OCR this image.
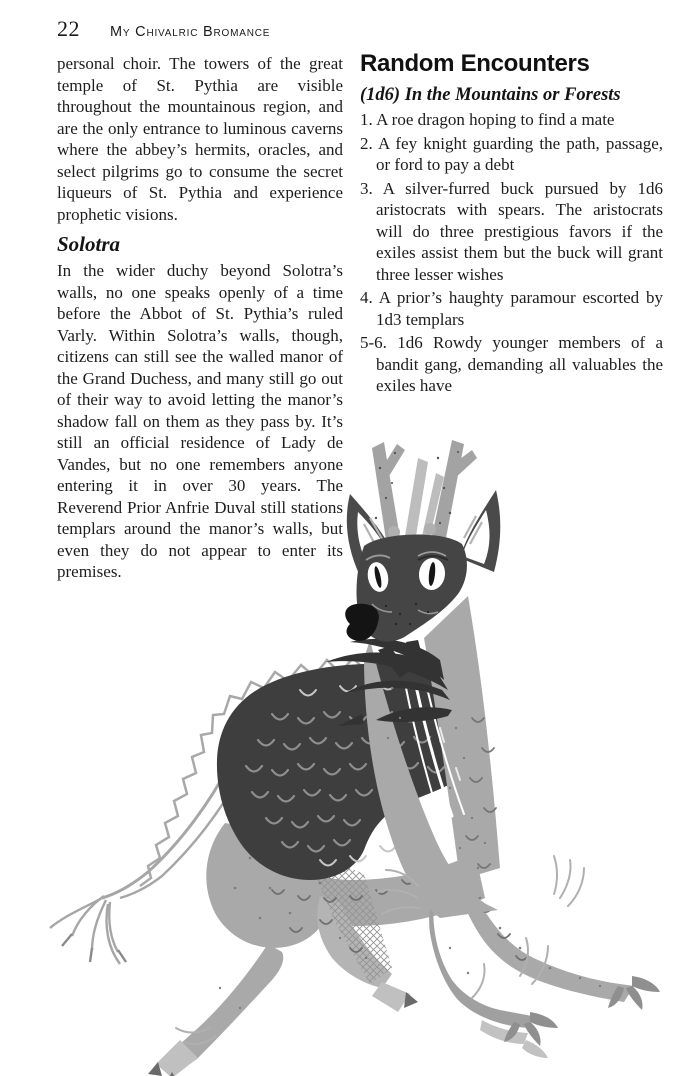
22 My Chivalric Bromance

personal choir. The towers of the great temple of St. Pythia are visible throughout the mountainous region, and are the only entrance to luminous caverns where the abbey’s hermits, oracles, and select pilgrims go to consume the secret liqueurs of St. Pythia and experience prophetic visions.

Solotra

In the wider duchy beyond Solotra’s walls, no one speaks openly of a time before the Abbot of St. Pythia’s ruled Varly. Within Solotra’s walls, though, citizens can still see the walled manor of the Grand Duchess, and many still go out of their way to avoid letting the manor’s shadow fall on them as they pass by. It’s still an official residence of Lady de Vandes, but no one remembers anyone entering it in over 30 years. The Reverend Prior Anfrie Duval still stations templars around the manor’s walls, but even they do not appear to enter its premises.

Random Encounters
(1d6) In the Mountains or Forests
1. A roe dragon hoping to find a mate
2. A fey knight guarding the path, passage, or ford to pay a debt
3. A silver-furred buck pursued by 1d6 aristocrats with spears. The aristocrats will do three prestigious favors if the exiles assist them but the buck will grant three lesser wishes
4. A prior’s haughty paramour escorted by 1d3 templars
5-6. 1d6 Rowdy younger members of a bandit gang, demanding all valuables the exiles have
